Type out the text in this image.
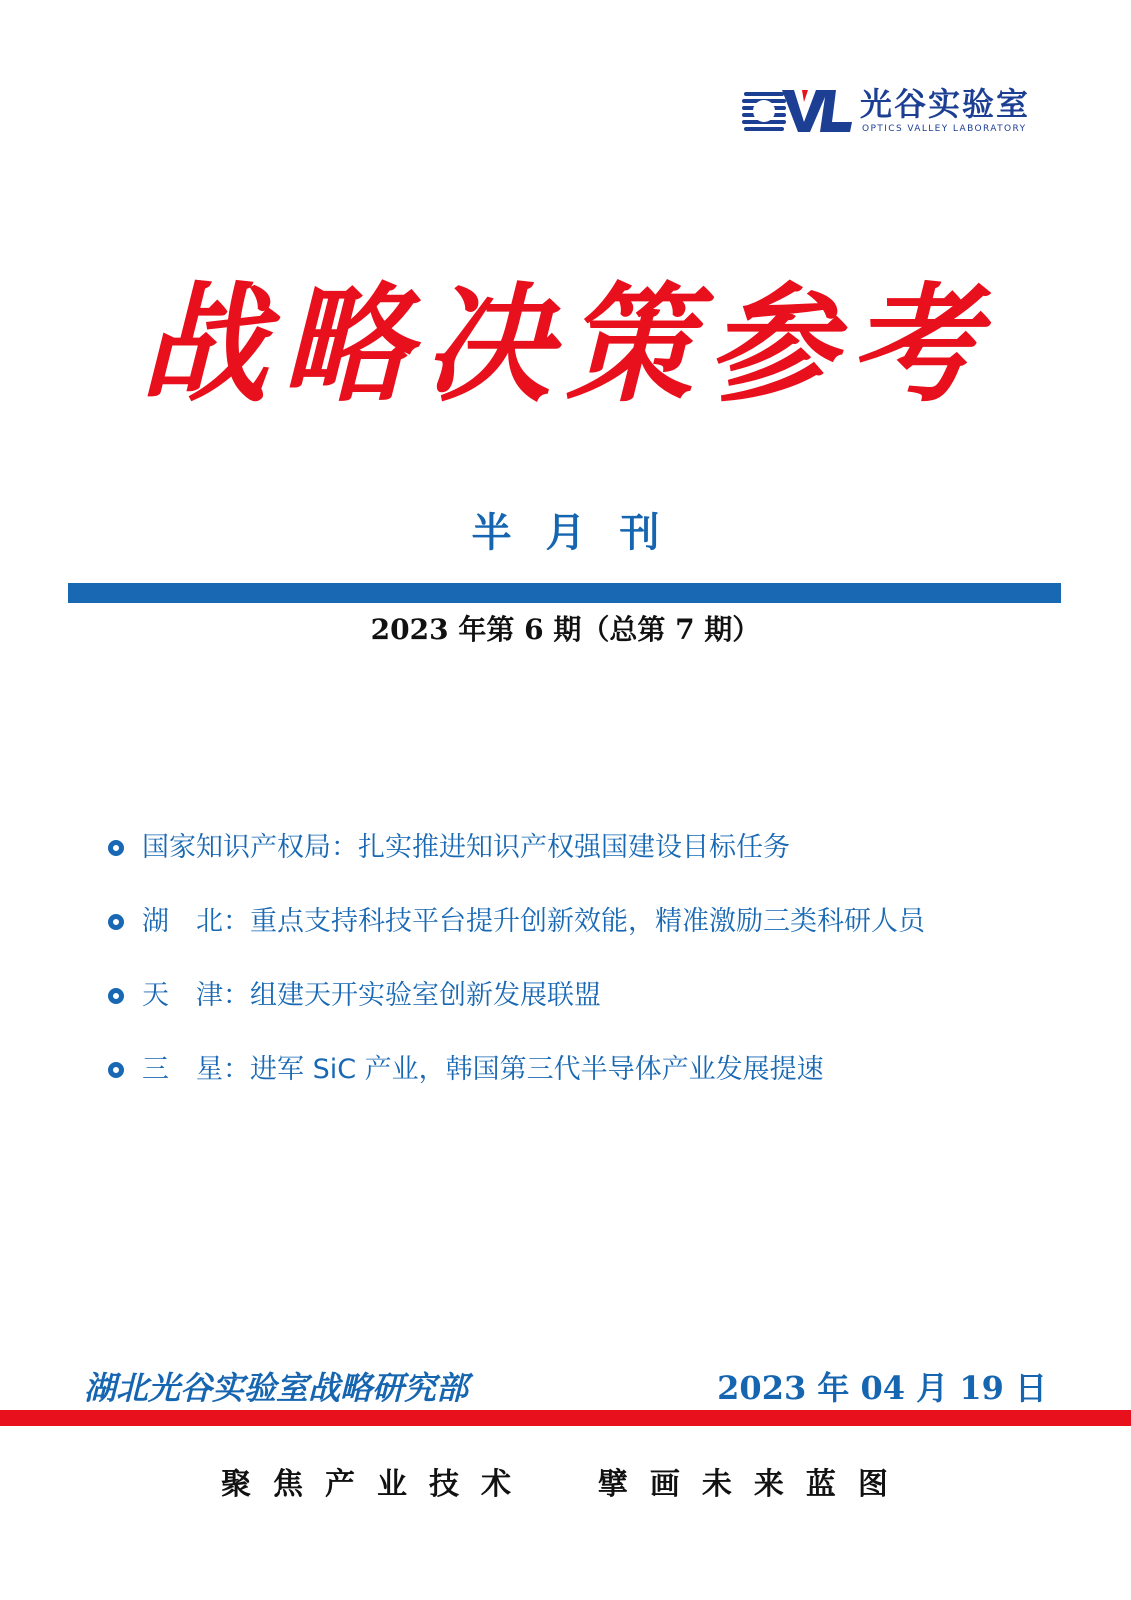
光谷实验室
OPTICS VALLEY LABORATORY
战略决策参考
半月刊
2023 年第 6 期（总第 7 期）
国家知识产权局：扎实推进知识产权强国建设目标任务
湖　北：重点支持科技平台提升创新效能，精准激励三类科研人员
天　津：组建天开实验室创新发展联盟
三　星：进军 SiC 产业，韩国第三代半导体产业发展提速
湖北光谷实验室战略研究部	2023 年 04 月 19 日
聚焦产业技术  擘画未来蓝图
